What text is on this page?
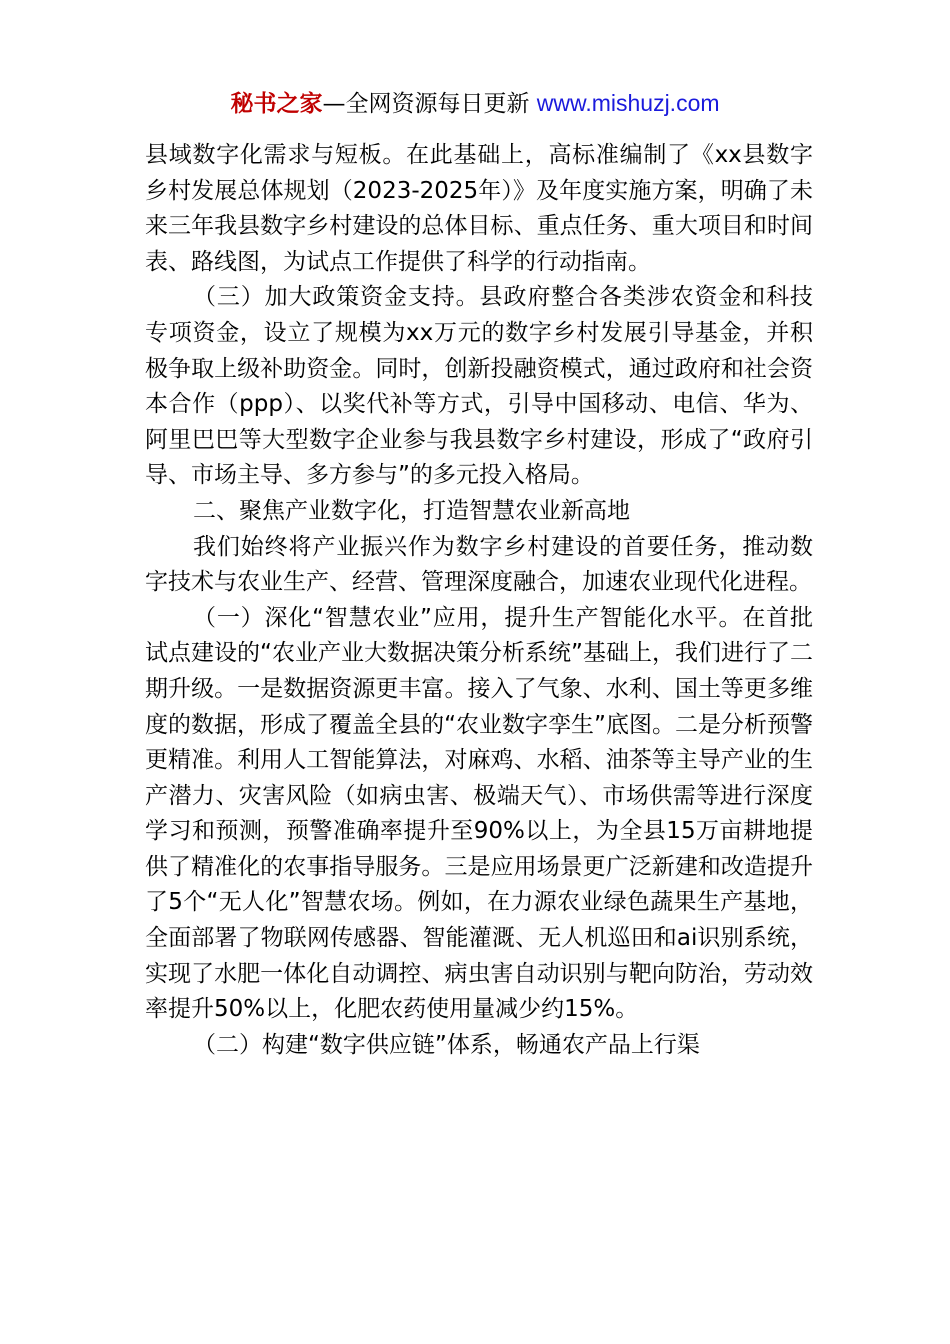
秘书之家—全网资源每日更新 www.mishuzj.com

县域数字化需求与短板。在此基础上，高标准编制了《xx县数字乡村发展总体规划（2023-2025年）》及年度实施方案，明确了未来三年我县数字乡村建设的总体目标、重点任务、重大项目和时间表、路线图，为试点工作提供了科学的行动指南。

（三）加大政策资金支持。县政府整合各类涉农资金和科技专项资金，设立了规模为xx万元的数字乡村发展引导基金，并积极争取上级补助资金。同时，创新投融资模式，通过政府和社会资本合作（ppp）、以奖代补等方式，引导中国移动、电信、华为、阿里巴巴等大型数字企业参与我县数字乡村建设，形成了“政府引导、市场主导、多方参与”的多元投入格局。

二、聚焦产业数字化，打造智慧农业新高地

我们始终将产业振兴作为数字乡村建设的首要任务，推动数字技术与农业生产、经营、管理深度融合，加速农业现代化进程。

（一）深化“智慧农业”应用，提升生产智能化水平。在首批试点建设的“农业产业大数据决策分析系统”基础上，我们进行了二期升级。一是数据资源更丰富。接入了气象、水利、国土等更多维度的数据，形成了覆盖全县的“农业数字孪生”底图。二是分析预警更精准。利用人工智能算法，对麻鸡、水稻、油茶等主导产业的生产潜力、灾害风险（如病虫害、极端天气）、市场供需等进行深度学习和预测，预警准确率提升至90%以上，为全县15万亩耕地提供了精准化的农事指导服务。三是应用场景更广泛新建和改造提升了5个“无人化”智慧农场。例如，在力源农业绿色蔬果生产基地，全面部署了物联网传感器、智能灌溉、无人机巡田和ai识别系统，实现了水肥一体化自动调控、病虫害自动识别与靶向防治，劳动效率提升50%以上，化肥农药使用量减少约15%。

（二）构建“数字供应链”体系，畅通农产品上行渠
